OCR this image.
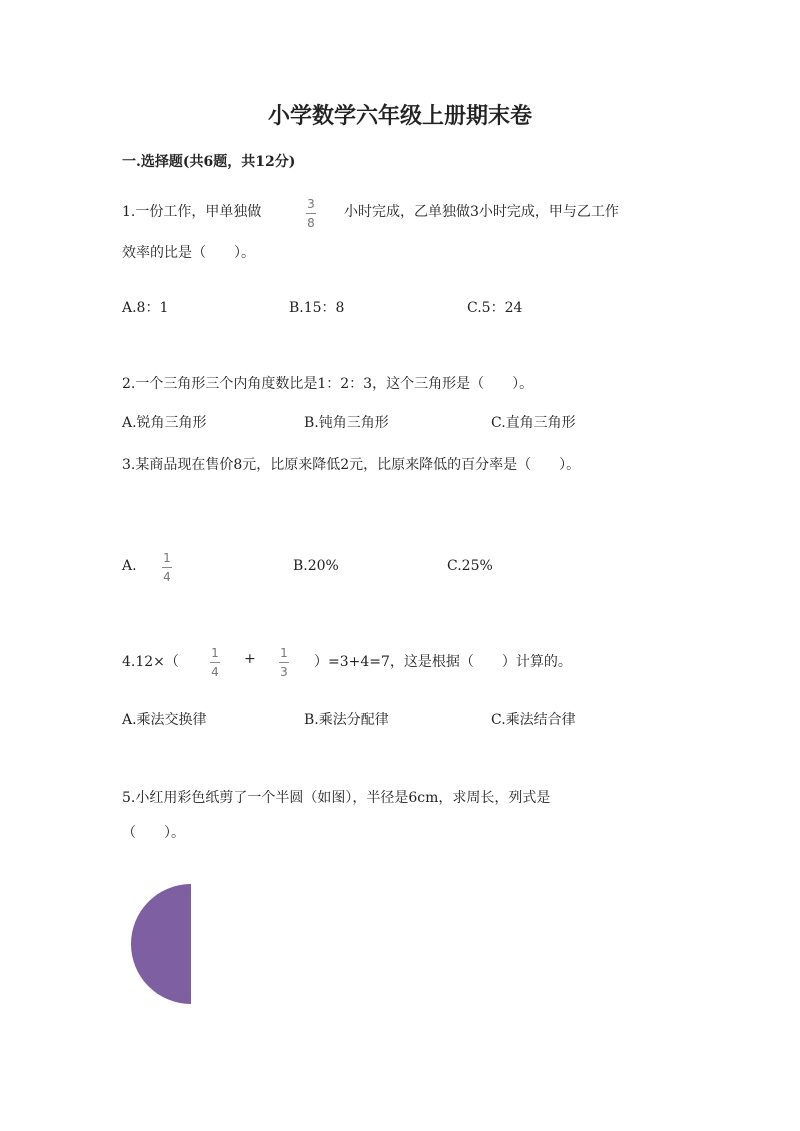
小学数学六年级上册期末卷
一.选择题(共6题，共12分)
1.一份工作，甲单独做	3
8
小时完成，乙单独做3小时完成，甲与乙工作
效率的比是（　　）。
A.8：1	B.15：8	C.5：24
2.一个三角形三个内角度数比是1：2：3，这个三角形是（　　）。
A.锐角三角形	B.钝角三角形	C.直角三角形
3.某商品现在售价8元，比原来降低2元，比原来降低的百分率是（　　）。
A. 1
4
B.20%	C.25%
4.12×（
1
4
+ 1
3
）=3+4=7，这是根据（　　）计算的。
A.乘法交换律	B.乘法分配律	C.乘法结合律
5.小红用彩色纸剪了一个半圆（如图），半径是6cm，求周长，列式是
（　　）。
